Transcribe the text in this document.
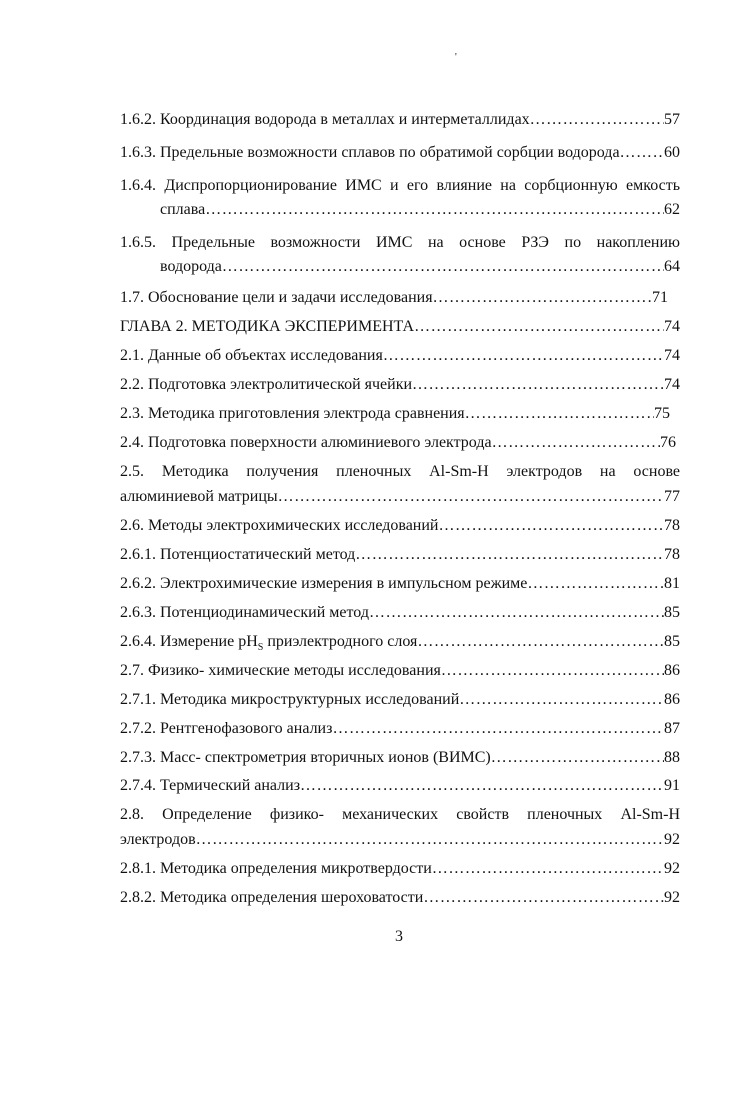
'
1.6.2. Координация водорода в металлах и интерметаллидах …………………………………………………………………………………………………………………………	57
1.6.3. Предельные возможности сплавов по обратимой сорбции водорода …………………………………………………………………………………………………………………………	60
1.6.4. Диспропорционирование ИМС и его влияние на сорбционную емкость
сплава …………………………………………………………………………………………………………………………	62
1.6.5. Предельные возможности ИМС на основе РЗЭ по накоплению
водорода …………………………………………………………………………………………………………………………	64
1.7. Обоснование цели и задачи исследования …………………………………………………………………………………………………………………………	71
ГЛАВА 2. МЕТОДИКА ЭКСПЕРИМЕНТА …………………………………………………………………………………………………………………………	74
2.1. Данные об объектах исследования …………………………………………………………………………………………………………………………	74
2.2. Подготовка электролитической ячейки …………………………………………………………………………………………………………………………	74
2.3. Методика приготовления электрода сравнения …………………………………………………………………………………………………………………………	75
2.4. Подготовка поверхности алюминиевого электрода …………………………………………………………………………………………………………………………	76
2.5. Методика получения пленочных Al-Sm-H электродов на основе
алюминиевой матрицы …………………………………………………………………………………………………………………………	77
2.6. Методы электрохимических исследований …………………………………………………………………………………………………………………………	78
2.6.1. Потенциостатический метод …………………………………………………………………………………………………………………………	78
2.6.2. Электрохимические измерения в импульсном режиме …………………………………………………………………………………………………………………………	81
2.6.3. Потенциодинамический метод …………………………………………………………………………………………………………………………	85
2.6.4. Измерение $pH_S$ приэлектродного слоя …………………………………………………………………………………………………………………………	85
2.7. Физико- химические методы исследования …………………………………………………………………………………………………………………………	86
2.7.1. Методика микроструктурных исследований …………………………………………………………………………………………………………………………	86
2.7.2. Рентгенофазового анализ …………………………………………………………………………………………………………………………	87
2.7.3. Масс- спектрометрия вторичных ионов (ВИМС) …………………………………………………………………………………………………………………………	88
2.7.4. Термический анализ …………………………………………………………………………………………………………………………	91
2.8. Определение физико- механических свойств пленочных Al-Sm-H
электродов …………………………………………………………………………………………………………………………	92
2.8.1. Методика определения микротвердости …………………………………………………………………………………………………………………………	92
2.8.2. Методика определения шероховатости …………………………………………………………………………………………………………………………	92
3
